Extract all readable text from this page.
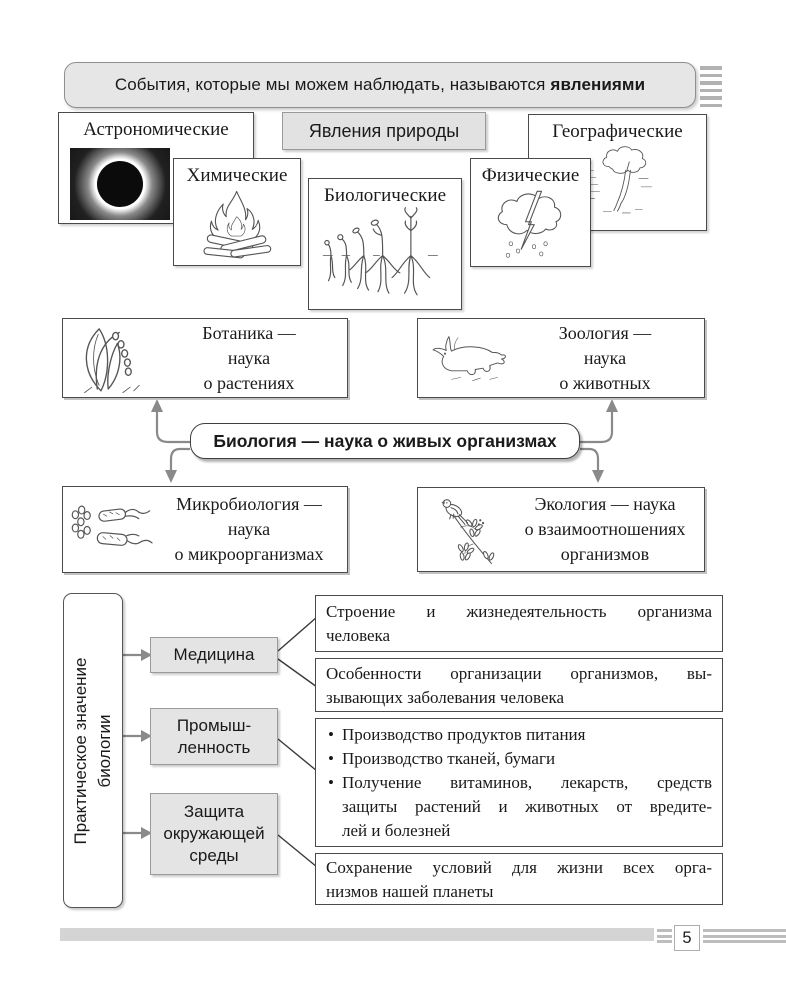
События, которые мы можем наблюдать, называются явлениями
Астрономические	Явления природы	Географические
Химические
Биологические
Физические
Ботаника —
наука
о растениях
Зоология —
наука
о животных
Биология — наука о живых организмах
Микробиология —
наука
о микроорганизмах
Экология — наука
о взаимоотношениях
организмов
Практическое значение биологии
Медицина
Промыш-
ленность
Защита
окружающей
среды
Строение и жизнедеятельность организма
человека
Особенности организации организмов, вы-
зывающих заболевания человека
• Производство продуктов питания
• Производство тканей, бумаги
• Получение витаминов, лекарств, средств
защиты растений и животных от вредите-
лей и болезней
Сохранение условий для жизни всех орга-
низмов нашей планеты
5
